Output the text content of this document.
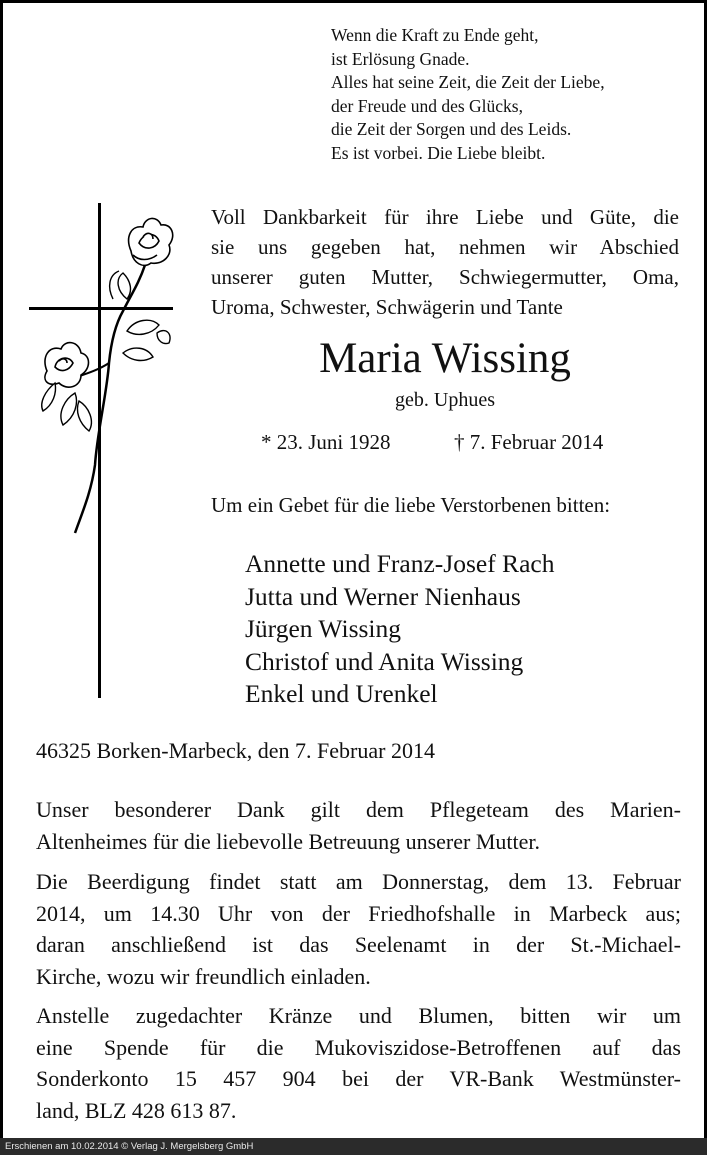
Wenn die Kraft zu Ende geht,
ist Erlösung Gnade.
Alles hat seine Zeit, die Zeit der Liebe,
der Freude und des Glücks,
die Zeit der Sorgen und des Leids.
Es ist vorbei. Die Liebe bleibt.
Voll Dankbarkeit für ihre Liebe und Güte, die
sie uns gegeben hat, nehmen wir Abschied
unserer guten Mutter, Schwiegermutter, Oma,
Uroma, Schwester, Schwägerin und Tante
Maria Wissing
geb. Uphues
* 23. Juni 1928	† 7. Februar 2014
Um ein Gebet für die liebe Verstorbenen bitten:
Annette und Franz-Josef Rach
Jutta und Werner Nienhaus
Jürgen Wissing
Christof und Anita Wissing
Enkel und Urenkel
46325 Borken-Marbeck, den 7. Februar 2014
Unser besonderer Dank gilt dem Pflegeteam des Marien-
Altenheimes für die liebevolle Betreuung unserer Mutter.
Die Beerdigung findet statt am Donnerstag, dem 13. Februar
2014, um 14.30 Uhr von der Friedhofshalle in Marbeck aus;
daran anschließend ist das Seelenamt in der St.-Michael-
Kirche, wozu wir freundlich einladen.
Anstelle zugedachter Kränze und Blumen, bitten wir um
eine Spende für die Mukoviszidose-Betroffenen auf das
Sonderkonto 15 457 904 bei der VR-Bank Westmünster-
land, BLZ 428 613 87.
Erschienen am 10.02.2014 © Verlag J. Mergelsberg GmbH
